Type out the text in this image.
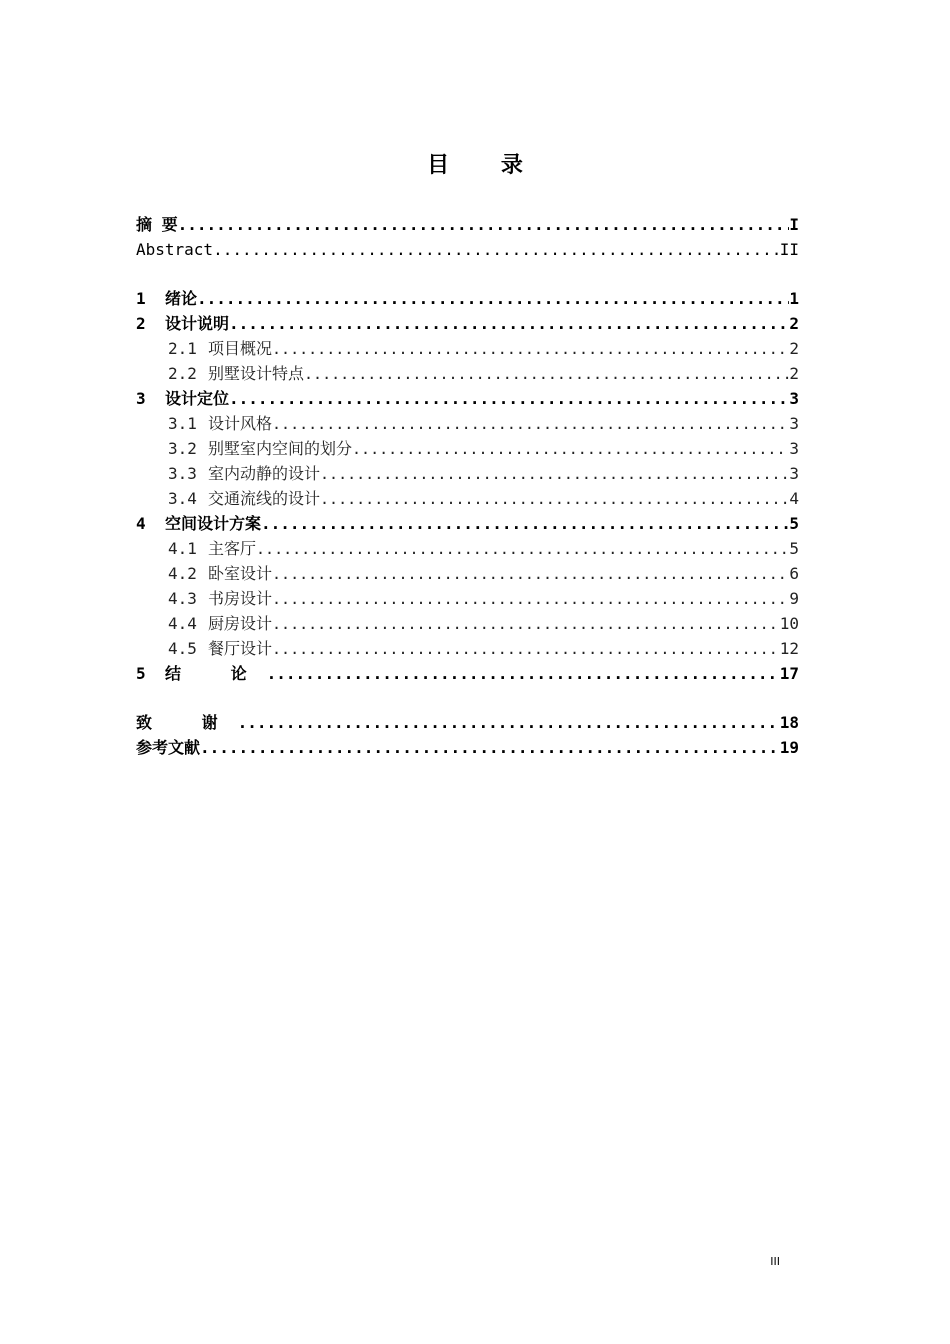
目 录
摘 要 .....	I
Abstract .....	II
1 绪论 .....	1
2 设计说明 .....	2
2.1 项目概况 .....	2
2.2 别墅设计特点 .....	2
3 设计定位 .....	3
3.1 设计风格 .....	3
3.2 别墅室内空间的划分 .....	3
3.3 室内动静的设计 .....	3
3.4 交通流线的设计 .....	4
4 空间设计方案 .....	5
4.1 主客厅 .....	5
4.2 卧室设计 .....	6
4.3 书房设计 .....	9
4.4 厨房设计 .....	10
4.5 餐厅设计 .....	12
5 结 论 .....	17
致 谢 .....	18
参考文献 .....	19
III
